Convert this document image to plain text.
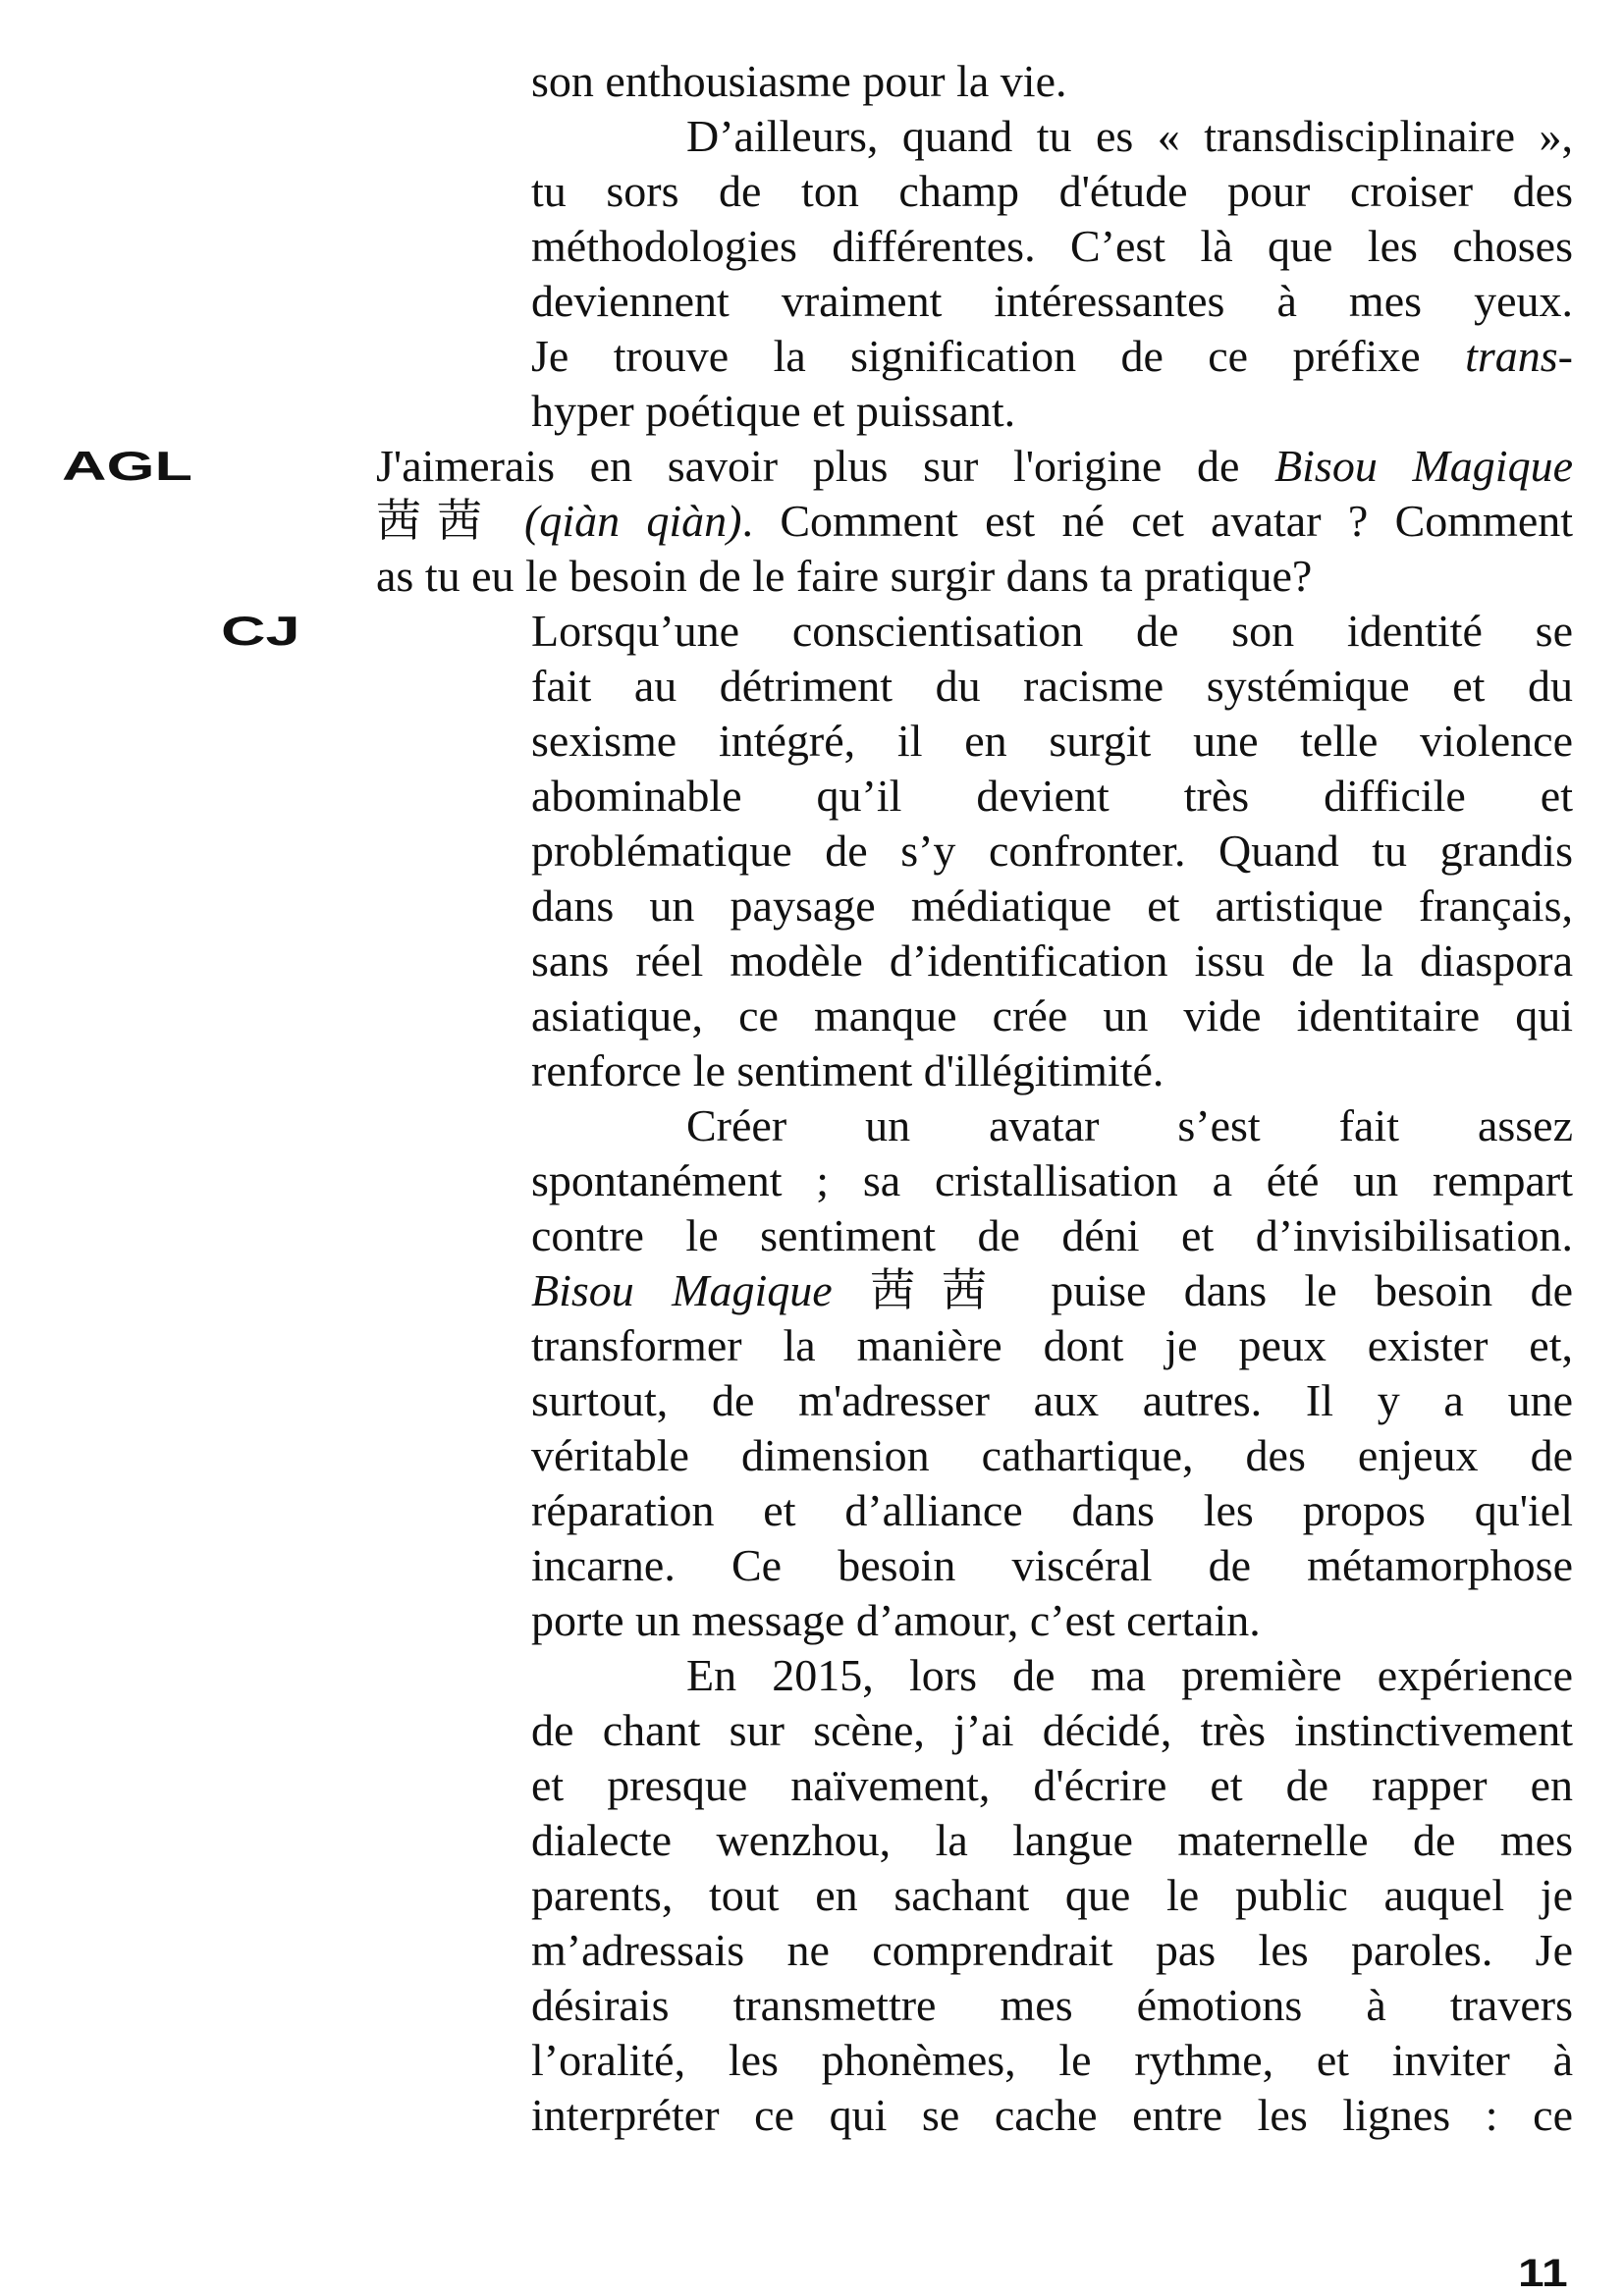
AGL
CJ
son enthousiasme pour la vie.
D’ailleurs, quand tu es « transdisciplinaire »,
tu sors de ton champ d'étude pour croiser des
méthodologies différentes. C’est là que les choses
deviennent vraiment intéressantes à mes yeux.
Je trouve la signification de ce préfixe trans-
hyper poétique et puissant.
J'aimerais en savoir plus sur l'origine de Bisou Magique
茜茜 (qiàn qiàn). Comment est né cet avatar ? Comment
as tu eu le besoin de le faire surgir dans ta pratique?
Lorsqu’une conscientisation de son identité se
fait au détriment du racisme systémique et du
sexisme intégré, il en surgit une telle violence
abominable qu’il devient très difficile et
problématique de s’y confronter. Quand tu grandis
dans un paysage médiatique et artistique français,
sans réel modèle d’identification issu de la diaspora
asiatique, ce manque crée un vide identitaire qui
renforce le sentiment d'illégitimité.
Créer un avatar s’est fait assez
spontanément ; sa cristallisation a été un rempart
contre le sentiment de déni et d’invisibilisation.
Bisou Magique 茜茜 puise dans le besoin de
transformer la manière dont je peux exister et,
surtout, de m'adresser aux autres. Il y a une
véritable dimension cathartique, des enjeux de
réparation et d’alliance dans les propos qu'iel
incarne. Ce besoin viscéral de métamorphose
porte un message d’amour, c’est certain.
En 2015, lors de ma première expérience
de chant sur scène, j’ai décidé, très instinctivement
et presque naïvement, d'écrire et de rapper en
dialecte wenzhou, la langue maternelle de mes
parents, tout en sachant que le public auquel je
m’adressais ne comprendrait pas les paroles. Je
désirais transmettre mes émotions à travers
l’oralité, les phonèmes, le rythme, et inviter à
interpréter ce qui se cache entre les lignes : ce
11
